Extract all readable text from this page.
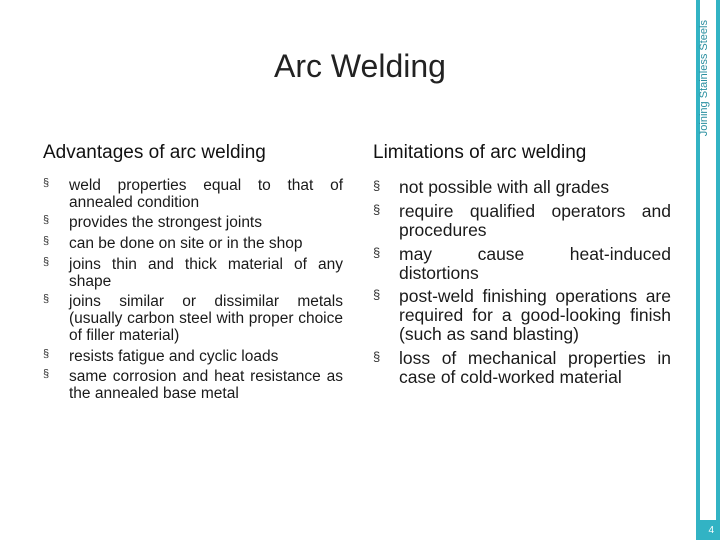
Joining Stainless Steels
4
Arc Welding
Advantages of arc welding
§ weld properties equal to that of annealed condition
§ provides the strongest joints
§ can be done on site or in the shop
§ joins thin and thick material of any shape
§ joins similar or dissimilar metals (usually carbon steel with proper choice of filler material)
§ resists fatigue and cyclic loads
§ same corrosion and heat resistance as the annealed base metal
Limitations of arc welding
§ not possible with all grades
§ require qualified operators and procedures
§ may cause heat-induced distortions
§ post-weld finishing operations are required for a good-looking finish (such as sand blasting)
§ loss of mechanical properties in case of cold-worked material
